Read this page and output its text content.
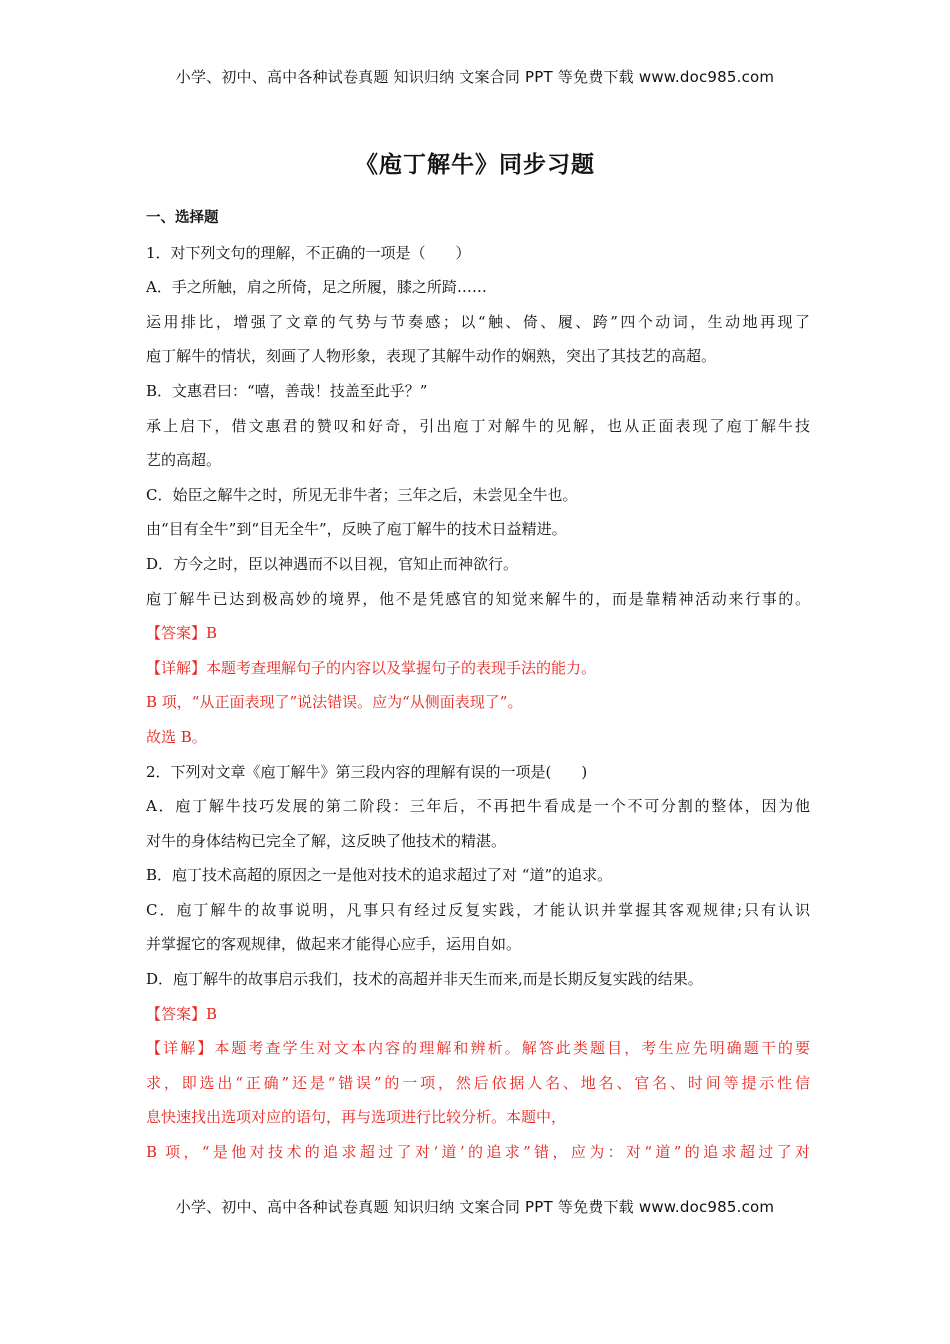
小学、初中、高中各种试卷真题 知识归纳 文案合同 PPT 等免费下载 www.doc985.com
《庖丁解牛》同步习题
一、选择题
1．对下列文句的理解，不正确的一项是（　　）
A．手之所触，肩之所倚，足之所履，膝之所踦……
运用排比，增强了文章的气势与节奏感；以“触、倚、履、跨”四个动词，生动地再现了
庖丁解牛的情状，刻画了人物形象，表现了其解牛动作的娴熟，突出了其技艺的高超。
B．文惠君曰：“嘻，善哉！技盖至此乎？”
承上启下，借文惠君的赞叹和好奇，引出庖丁对解牛的见解，也从正面表现了庖丁解牛技
艺的高超。
C．始臣之解牛之时，所见无非牛者；三年之后，未尝见全牛也。
由“目有全牛”到“目无全牛”，反映了庖丁解牛的技术日益精进。
D．方今之时，臣以神遇而不以目视，官知止而神欲行。
庖丁解牛已达到极高妙的境界，他不是凭感官的知觉来解牛的，而是靠精神活动来行事的。
【答案】B
【详解】本题考查理解句子的内容以及掌握句子的表现手法的能力。
B 项，“从正面表现了”说法错误。应为“从侧面表现了”。
故选 B。
2．下列对文章《庖丁解牛》第三段内容的理解有误的一项是(　　)
A．庖丁解牛技巧发展的第二阶段：三年后，不再把牛看成是一个不可分割的整体，因为他
对牛的身体结构已完全了解，这反映了他技术的精湛。
B．庖丁技术高超的原因之一是他对技术的追求超过了对 “道”的追求。
C．庖丁解牛的故事说明，凡事只有经过反复实践，才能认识并掌握其客观规律;只有认识
并掌握它的客观规律，做起来才能得心应手，运用自如。
D．庖丁解牛的故事启示我们，技术的高超并非天生而来,而是长期反复实践的结果。
【答案】B
【详解】本题考查学生对文本内容的理解和辨析。解答此类题目，考生应先明确题干的要
求，即选出“正确”还是“错误”的一项，然后依据人名、地名、官名、时间等提示性信
息快速找出选项对应的语句，再与选项进行比较分析。本题中，
B 项，“是他对技术的追求超过了对‘道’的追求”错，应为：对“道”的追求超过了对
小学、初中、高中各种试卷真题 知识归纳 文案合同 PPT 等免费下载 www.doc985.com
